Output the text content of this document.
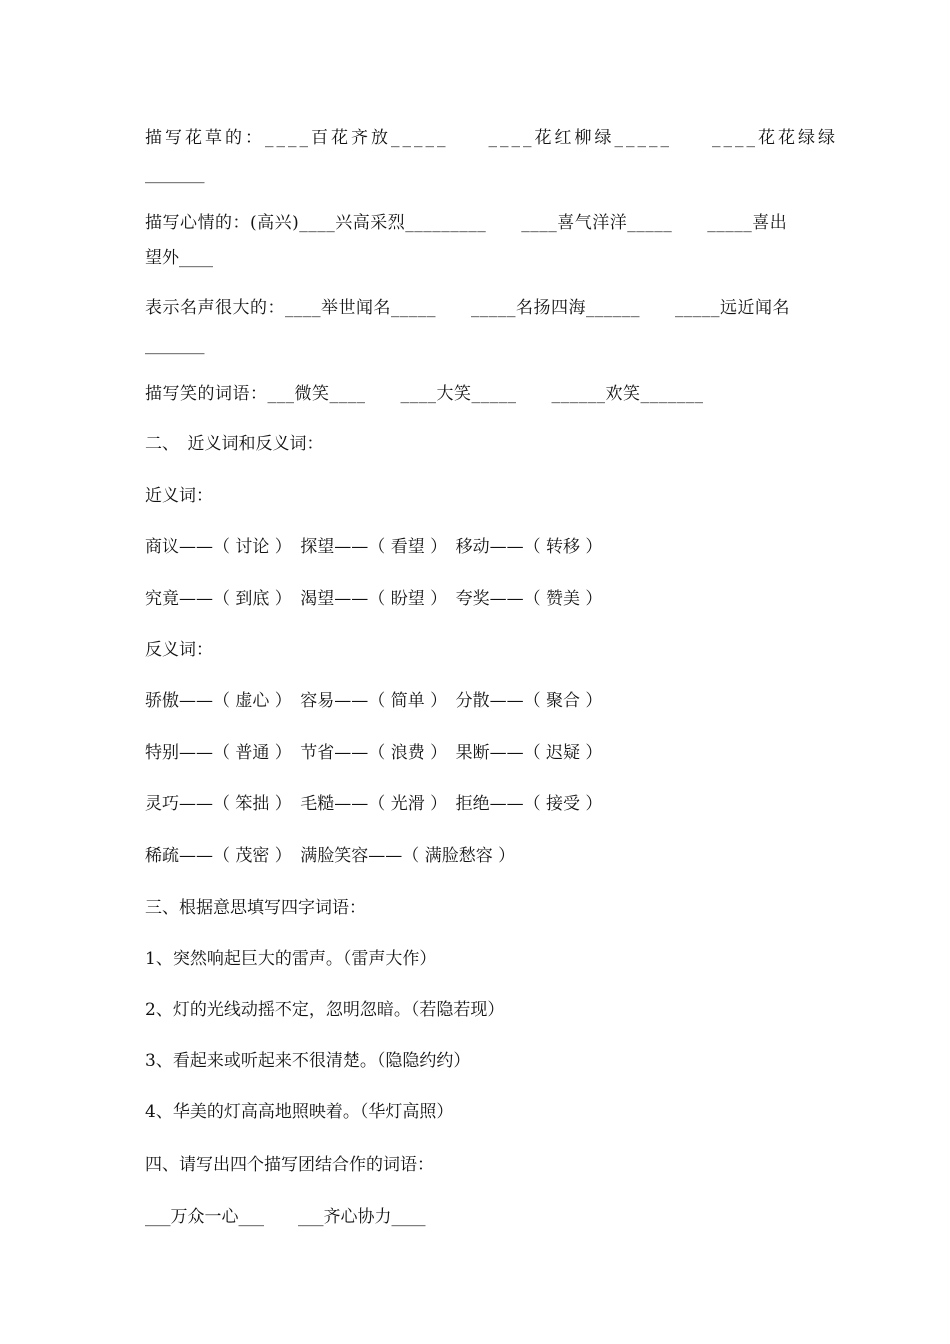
描写花草的：____百花齐放_____　　____花红柳绿_____　　____花花绿绿
_______
描写心情的：(高兴)____兴高采烈_________　　____喜气洋洋_____　　_____喜出
望外____
表示名声很大的：____举世闻名_____　　_____名扬四海______　　_____远近闻名
_______
描写笑的词语：___微笑____　　____大笑_____　　______欢笑_______
二、　近义词和反义词：
近义词：
商议——（ 讨论 ）　探望——（ 看望 ）　移动——（ 转移 ）
究竟——（ 到底 ）　渴望——（ 盼望 ）　夸奖——（ 赞美 ）
反义词：
骄傲——（ 虚心 ）　容易——（ 简单 ）　分散——（ 聚合 ）
特别——（ 普通 ）　节省——（ 浪费 ）　果断——（ 迟疑 ）
灵巧——（ 笨拙 ）　毛糙——（ 光滑 ）　拒绝——（ 接受 ）
稀疏——（ 茂密 ）　满脸笑容——（ 满脸愁容 ）
三、根据意思填写四字词语：
1、突然响起巨大的雷声。（雷声大作）
2、灯的光线动摇不定，忽明忽暗。（若隐若现）
3、看起来或听起来不很清楚。（隐隐约约）
4、华美的灯高高地照映着。（华灯高照）
四、请写出四个描写团结合作的词语：
___万众一心___　　___齐心协力____
